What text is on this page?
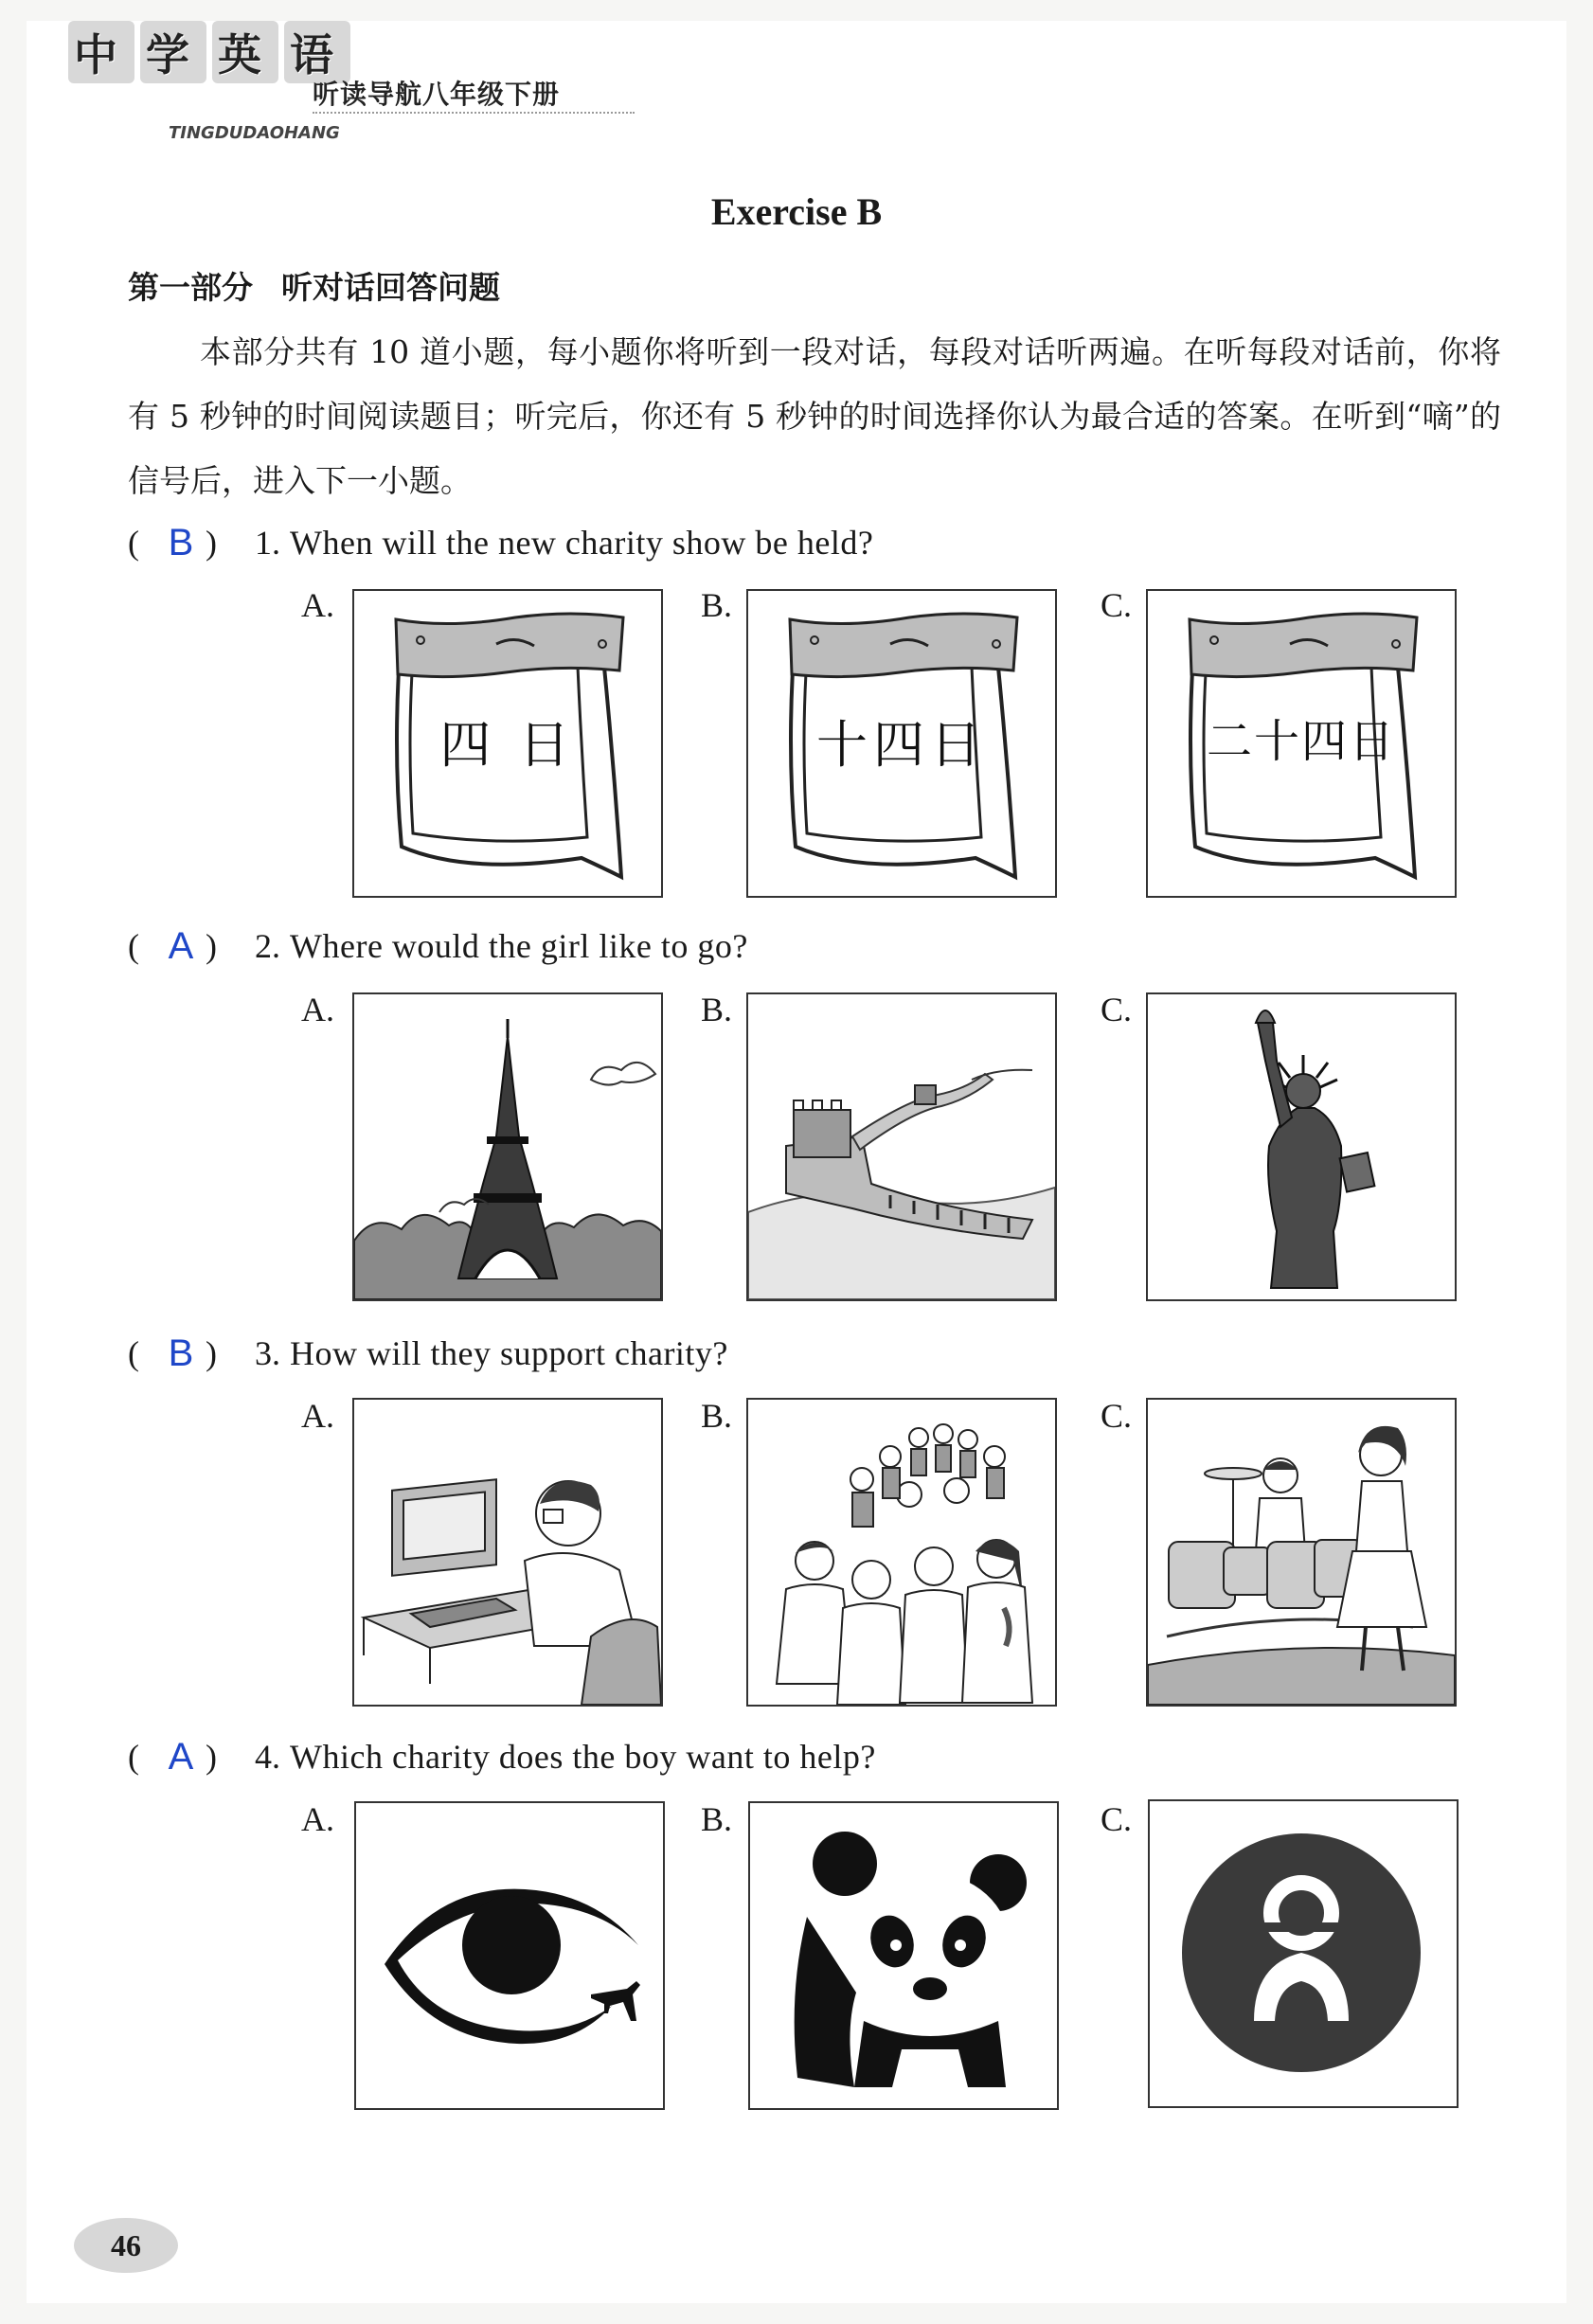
中 学 英 语
听读导航八年级下册
TINGDUDAOHANG
Exercise B
第一部分 听对话回答问题
本部分共有 10 道小题，每小题你将听到一段对话，每段对话听两遍。在听每段对话前，你将有 5 秒钟的时间阅读题目；听完后，你还有 5 秒钟的时间选择你认为最合适的答案。在听到“嘀”的信号后，进入下一小题。
( B )	1. When will the new charity show be held?
A.	B.	C.
四 日	十四日	二十四日
( A )	2. Where would the girl like to go?
A.	B.	C.
( B )	3. How will they support charity?
A.	B.	C.
( A )	4. Which charity does the boy want to help?
A.	B.	C.
46
